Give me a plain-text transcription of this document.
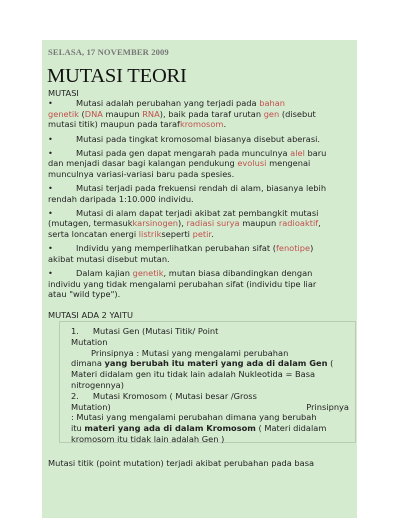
SELASA, 17 NOVEMBER 2009
MUTASI TEORI

MUTASI

•	Mutasi adalah perubahan yang terjadi pada bahan
genetik (DNA maupun RNA), baik pada taraf urutan gen (disebut
mutasi titik) maupun pada tarafkromosom.
•	Mutasi pada tingkat kromosomal biasanya disebut aberasi.
•	Mutasi pada gen dapat mengarah pada munculnya alel baru
dan menjadi dasar bagi kalangan pendukung evolusi mengenai
munculnya variasi-variasi baru pada spesies.
•	Mutasi terjadi pada frekuensi rendah di alam, biasanya lebih
rendah daripada 1:10.000 individu.
•	Mutasi di alam dapat terjadi akibat zat pembangkit mutasi
(mutagen, termasukkarsinogen), radiasi surya maupun radioaktif,
serta loncatan energi listrikseperti petir.
•	Individu yang memperlihatkan perubahan sifat (fenotipe)
akibat mutasi disebut mutan.
•	Dalam kajian genetik, mutan biasa dibandingkan dengan
individu yang tidak mengalami perubahan sifat (individu tipe liar
atau "wild type").

MUTASI ADA 2 YAITU

1. Mutasi Gen (Mutasi Titik/ Point
Mutation
Prinsipnya : Mutasi yang mengalami perubahan
dimana yang berubah itu materi yang ada di dalam Gen (
Materi didalam gen itu tidak lain adalah Nukleotida = Basa
nitrogennya)
2. Mutasi Kromosom ( Mutasi besar /Gross
Mutation)	Prinsipnya
: Mutasi yang mengalami perubahan dimana yang berubah
itu materi yang ada di dalam Kromosom ( Materi didalam
kromosom itu tidak lain adalah Gen )
Mutasi titik (point mutation) terjadi akibat perubahan pada basa
